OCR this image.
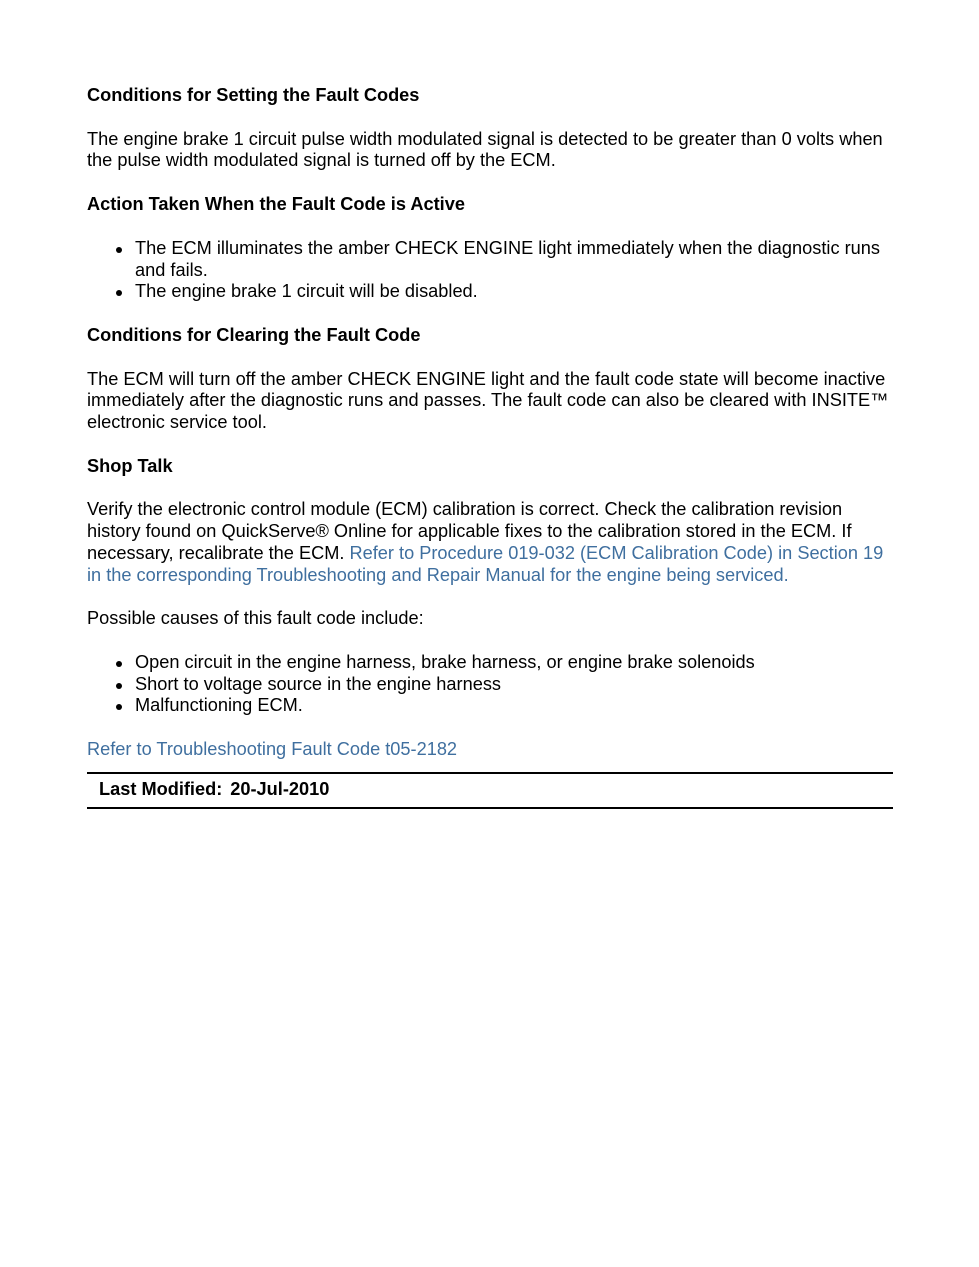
Conditions for Setting the Fault Codes

The engine brake 1 circuit pulse width modulated signal is detected to be greater than 0 volts when the pulse width modulated signal is turned off by the ECM.

Action Taken When the Fault Code is Active
The ECM illuminates the amber CHECK ENGINE light immediately when the diagnostic runs and fails.
The engine brake 1 circuit will be disabled.
Conditions for Clearing the Fault Code

The ECM will turn off the amber CHECK ENGINE light and the fault code state will become inactive immediately after the diagnostic runs and passes. The fault code can also be cleared with INSITE™ electronic service tool.

Shop Talk

Verify the electronic control module (ECM) calibration is correct. Check the calibration revision history found on QuickServe® Online for applicable fixes to the calibration stored in the ECM. If necessary, recalibrate the ECM. Refer to Procedure 019-032 (ECM Calibration Code) in Section 19 in the corresponding Troubleshooting and Repair Manual for the engine being serviced.

Possible causes of this fault code include:

Open circuit in the engine harness, brake harness, or engine brake solenoids
Short to voltage source in the engine harness
Malfunctioning ECM.

Refer to Troubleshooting Fault Code t05-2182

Last Modified: 20-Jul-2010
